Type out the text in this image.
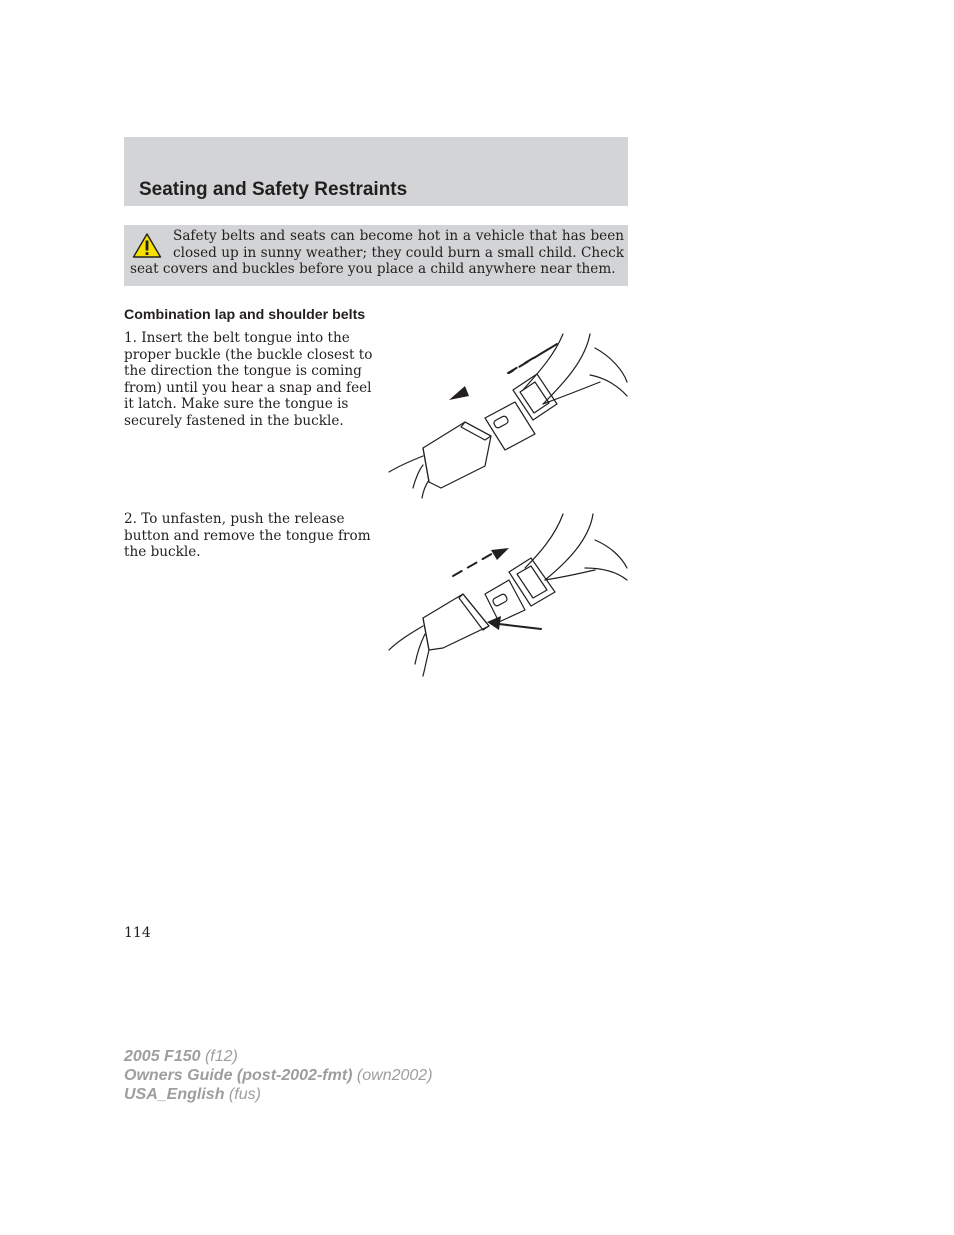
Seating and Safety Restraints

Safety belts and seats can become hot in a vehicle that has been closed up in sunny weather; they could burn a small child. Check seat covers and buckles before you place a child anywhere near them.

Combination lap and shoulder belts

1. Insert the belt tongue into the proper buckle (the buckle closest to the direction the tongue is coming from) until you hear a snap and feel it latch. Make sure the tongue is securely fastened in the buckle.

2. To unfasten, push the release button and remove the tongue from the buckle.

114

2005 F150 (f12)
Owners Guide (post-2002-fmt) (own2002)
USA_English (fus)
